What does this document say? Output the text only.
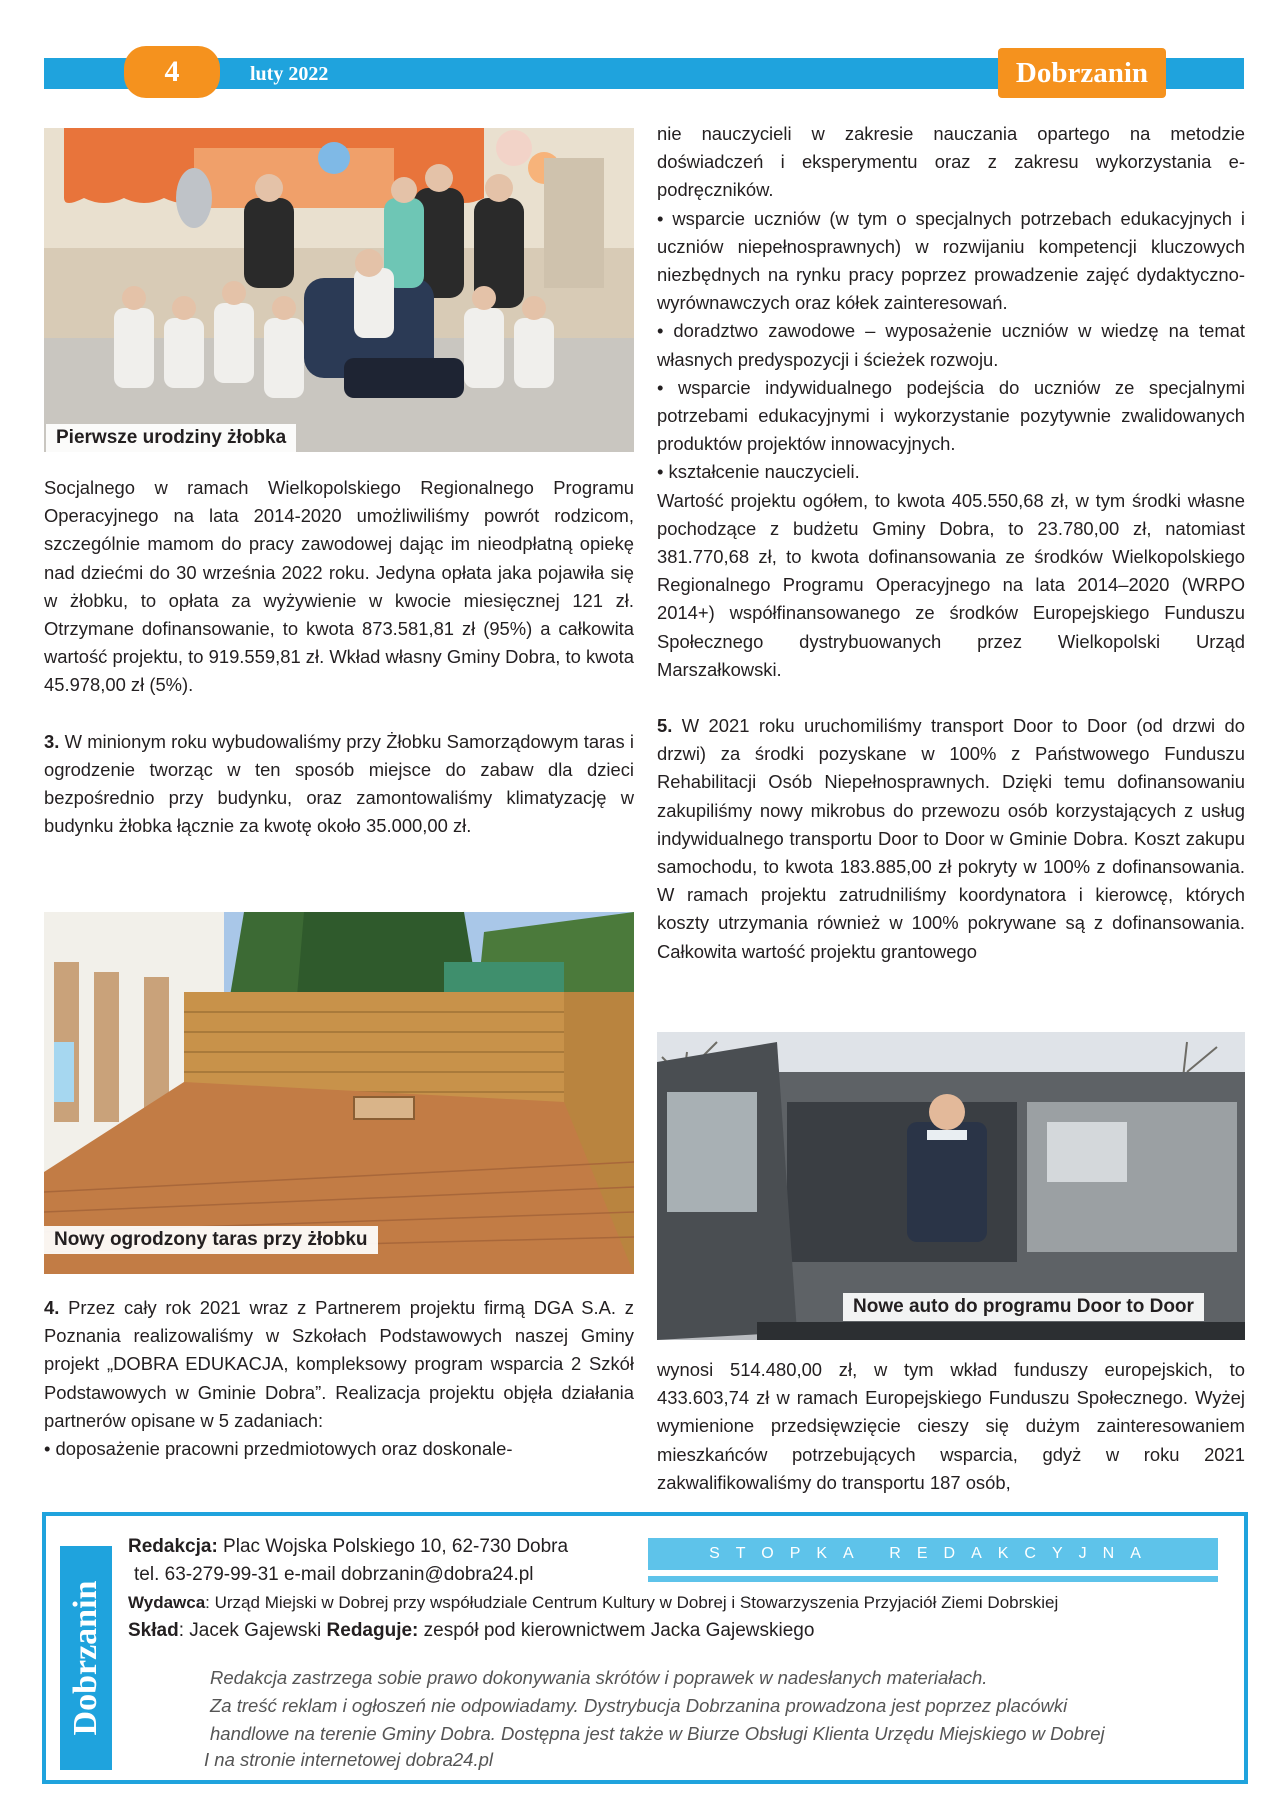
4	luty 2022	Dobrzanin
Pierwsze urodziny żłobka

Socjalnego w ramach Wielkopolskiego Regionalnego Programu Operacyjnego na lata 2014-2020 umożliwiliśmy powrót rodzicom, szczególnie mamom do pracy zawodowej dając im nieodpłatną opiekę nad dziećmi do 30 września 2022 roku. Jedyna opłata jaka pojawiła się w żłobku, to opłata za wyżywienie w kwocie miesięcznej 121 zł. Otrzymane dofinansowanie, to kwota 873.581,81 zł (95%) a całkowita wartość projektu, to 919.559,81 zł. Wkład własny Gminy Dobra, to kwota 45.978,00 zł (5%).

3. W minionym roku wybudowaliśmy przy Żłobku Samorządowym taras i ogrodzenie tworząc w ten sposób miejsce do zabaw dla dzieci bezpośrednio przy budynku, oraz zamontowaliśmy klimatyzację w budynku żłobka łącznie za kwotę około 35.000,00 zł.

Nowy ogrodzony taras przy żłobku

4. Przez cały rok 2021 wraz z Partnerem projektu firmą DGA S.A. z Poznania realizowaliśmy w Szkołach Podstawowych naszej Gminy projekt „DOBRA EDUKACJA, kompleksowy program wsparcia 2 Szkół Podstawowych w Gminie Dobra”. Realizacja projektu objęła działania partnerów opisane w 5 zadaniach:

• doposażenie pracowni przedmiotowych oraz doskonale-

nie nauczycieli w zakresie nauczania opartego na metodzie doświadczeń i eksperymentu oraz z zakresu wykorzystania e-podręczników.

• wsparcie uczniów (w tym o specjalnych potrzebach edukacyjnych i uczniów niepełnosprawnych) w rozwijaniu kompetencji kluczowych niezbędnych na rynku pracy poprzez prowadzenie zajęć dydaktyczno-wyrównawczych oraz kółek zainteresowań.

• doradztwo zawodowe – wyposażenie uczniów w wiedzę na temat własnych predyspozycji i ścieżek rozwoju.

• wsparcie indywidualnego podejścia do uczniów ze specjalnymi potrzebami edukacyjnymi i wykorzystanie pozytywnie zwalidowanych produktów projektów innowacyjnych.

• kształcenie nauczycieli.

Wartość projektu ogółem, to kwota 405.550,68 zł, w tym środki własne pochodzące z budżetu Gminy Dobra, to 23.780,00 zł, natomiast 381.770,68 zł, to kwota dofinansowania ze środków Wielkopolskiego Regionalnego Programu Operacyjnego na lata 2014–2020 (WRPO 2014+) współfinansowanego ze środków Europejskiego Funduszu Społecznego dystrybuowanych przez Wielkopolski Urząd Marszałkowski.

5. W 2021 roku uruchomiliśmy transport Door to Door (od drzwi do drzwi) za środki pozyskane w 100% z Państwowego Funduszu Rehabilitacji Osób Niepełnosprawnych. Dzięki temu dofinansowaniu zakupiliśmy nowy mikrobus do przewozu osób korzystających z usług indywidualnego transportu Door to Door w Gminie Dobra. Koszt zakupu samochodu, to kwota 183.885,00 zł pokryty w 100% z dofinansowania. W ramach projektu zatrudniliśmy koordynatora i kierowcę, których koszty utrzymania również w 100% pokrywane są z dofinansowania. Całkowita wartość projektu grantowego

Nowe auto do programu Door to Door

wynosi 514.480,00 zł, w tym wkład funduszy europejskich, to 433.603,74 zł w ramach Europejskiego Funduszu Społecznego. Wyżej wymienione przedsięwzięcie cieszy się dużym zainteresowaniem mieszkańców potrzebujących wsparcia, gdyż w roku 2021 zakwalifikowaliśmy do transportu 187 osób,

Dobrzanin
STOPKA REDAKCYJNA
Redakcja: Plac Wojska Polskiego 10, 62-730 Dobra
tel. 63-279-99-31 e-mail dobrzanin@dobra24.pl
Wydawca: Urząd Miejski w Dobrej przy współudziale Centrum Kultury w Dobrej i Stowarzyszenia Przyjaciół Ziemi Dobrskiej
Skład: Jacek Gajewski Redaguje: zespół pod kierownictwem Jacka Gajewskiego
Redakcja zastrzega sobie prawo dokonywania skrótów i poprawek w nadesłanych materiałach.
Za treść reklam i ogłoszeń nie odpowiadamy. Dystrybucja Dobrzanina prowadzona jest poprzez placówki
handlowe na terenie Gminy Dobra. Dostępna jest także w Biurze Obsługi Klienta Urzędu Miejskiego w Dobrej
I na stronie internetowej dobra24.pl
